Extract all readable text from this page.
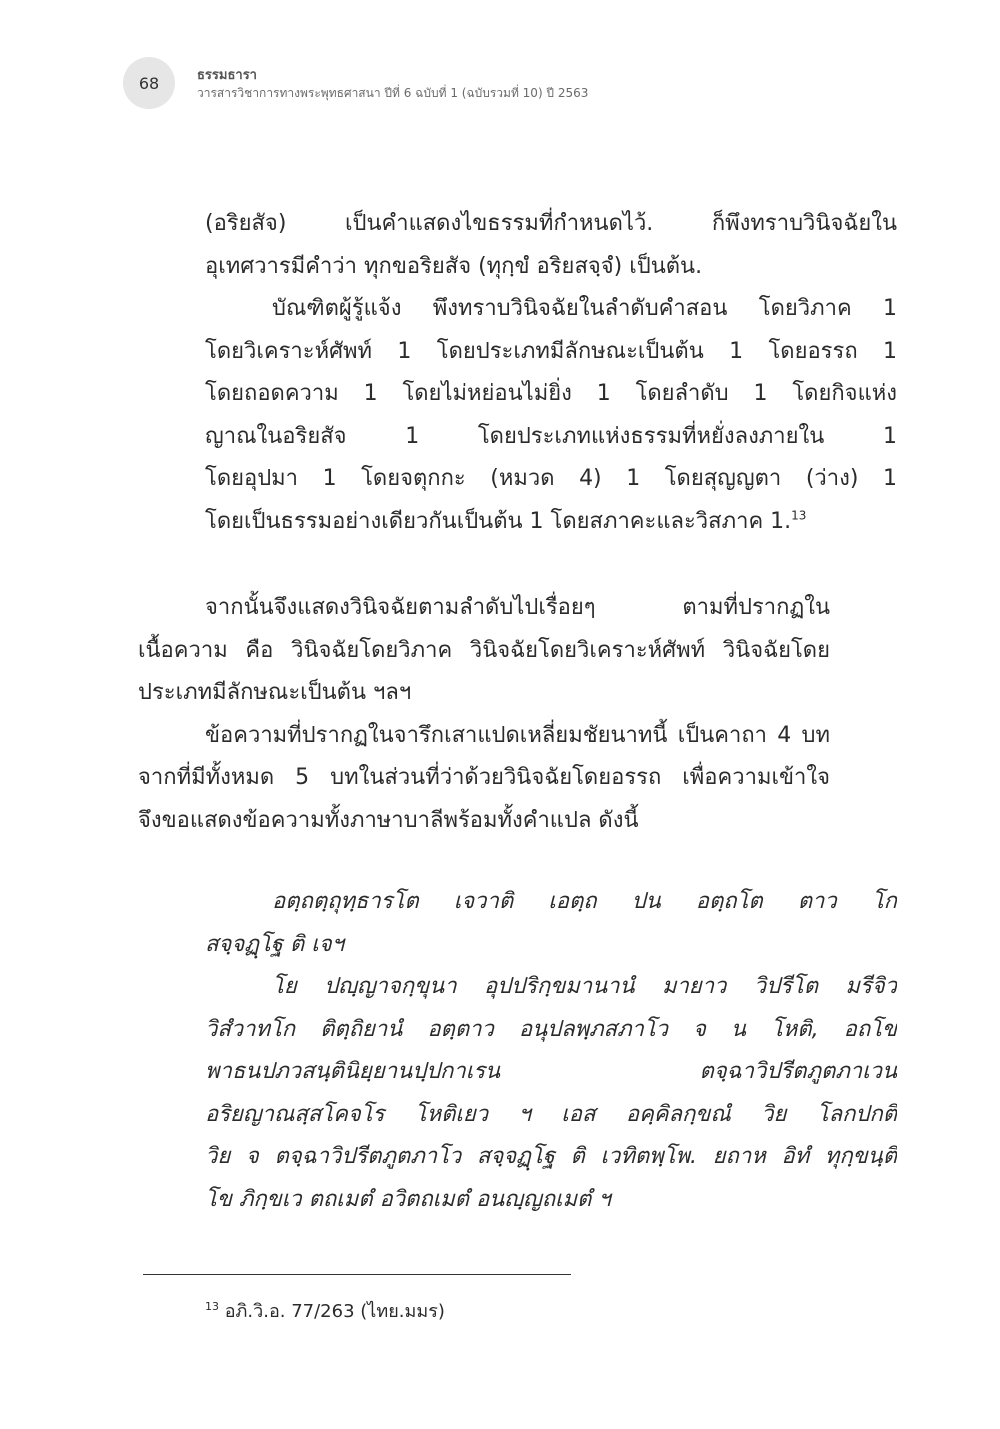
68	ธรรมธารา
วารสารวิชาการทางพระพุทธศาสนา ปีที่ 6 ฉบับที่ 1 (ฉบับรวมที่ 10) ปี 2563
(อริยสัจ) เป็นคำแสดงไขธรรมที่กำหนดไว้. ก็พึงทราบวินิจฉัยใน
อุเทศวารมีคำว่า ทุกขอริยสัจ (ทุกฺขํ อริยสจฺจํ) เป็นต้น.
บัณฑิตผู้รู้แจ้ง พึงทราบวินิจฉัยในลำดับคำสอน โดยวิภาค 1
โดยวิเคราะห์ศัพท์ 1 โดยประเภทมีลักษณะเป็นต้น 1 โดยอรรถ 1
โดยถอดความ 1 โดยไม่หย่อนไม่ยิ่ง 1 โดยลำดับ 1 โดยกิจแห่ง
ญาณในอริยสัจ 1 โดยประเภทแห่งธรรมที่หยั่งลงภายใน 1
โดยอุปมา 1 โดยจตุกกะ (หมวด 4) 1 โดยสุญญตา (ว่าง) 1
โดยเป็นธรรมอย่างเดียวกันเป็นต้น 1 โดยสภาคะและวิสภาค 1.13
จากนั้นจึงแสดงวินิจฉัยตามลำดับไปเรื่อยๆ ตามที่ปรากฏใน
เนื้อความ คือ วินิจฉัยโดยวิภาค วินิจฉัยโดยวิเคราะห์ศัพท์ วินิจฉัยโดย
ประเภทมีลักษณะเป็นต้น ฯลฯ
ข้อความที่ปรากฏในจารึกเสาแปดเหลี่ยมชัยนาทนี้ เป็นคาถา 4 บท
จากที่มีทั้งหมด 5 บทในส่วนที่ว่าด้วยวินิจฉัยโดยอรรถ เพื่อความเข้าใจ
จึงขอแสดงข้อความทั้งภาษาบาลีพร้อมทั้งคำแปล ดังนี้
อตฺถตฺถุทฺธารโต เจวาติ เอตฺถ ปน อตฺถโต ตาว โก
สจฺจฏฺโฐ ติ เจฯ
โย ปญฺญาจกฺขุนา อุปปริกฺขมานานํ มายาว วิปรีโต มรีจิว
วิสํวาทโก ติตฺถิยานํ อตฺตาว อนุปลพฺภสภาโว จ น โหติ, อถโข
พาธนปภวสนฺตินิยฺยานปฺปกาเรน ตจฺฉาวิปรีตภูตภาเวน
อริยญาณสฺสโคจโร โหติเยว ฯ เอส อคฺคิลกฺขณํ วิย โลกปกติ
วิย จ ตจฺฉาวิปรีตภูตภาโว สจฺจฏฺโฐ ติ เวทิตพฺโพ. ยถาห อิทํ ทุกฺขนฺติ
โข ภิกฺขเว ตถเมตํ อวิตถเมตํ อนญฺญถเมตํ ฯ
$^{13}$ อภิ.วิ.อ. 77/263 (ไทย.มมร)
